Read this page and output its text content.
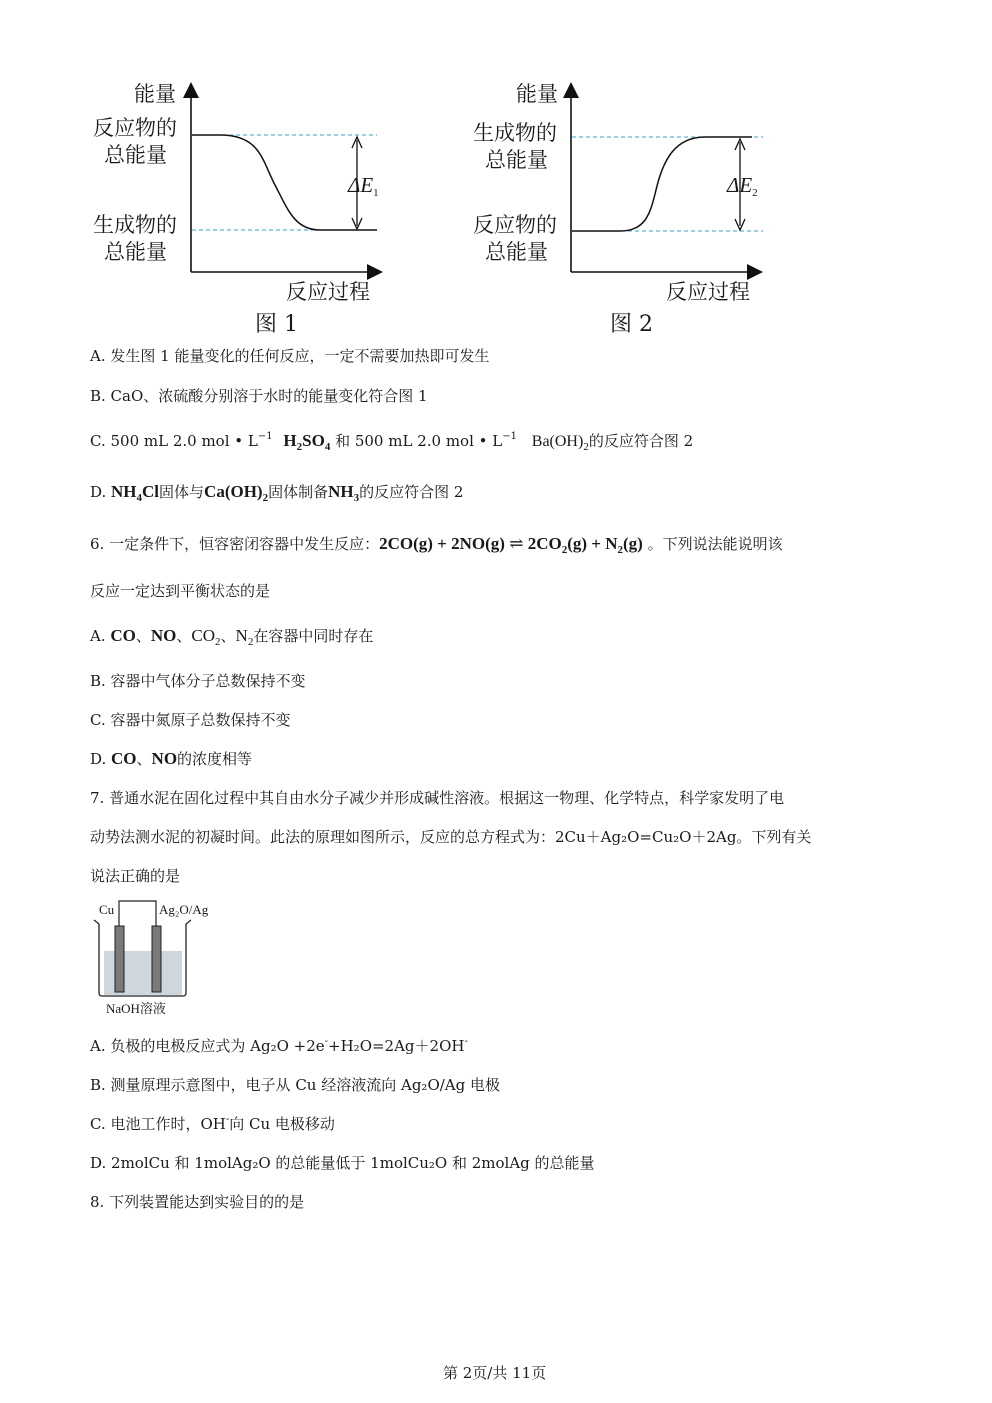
能量
反应物的
总能量
生成物的
总能量
反应过程
$\Delta E_1$
图 1
能量
生成物的
总能量
反应物的
总能量
反应过程
$\Delta E_2$
图 2
A. 发生图 1 能量变化的任何反应，一定不需要加热即可发生
B. CaO、浓硫酸分别溶于水时的能量变化符合图 1
C. 500 mL 2.0 mol • $L^{-1}$ $H_2SO_4$ 和 500 mL 2.0 mol • $L^{-1}$ $Ba(OH)_2$的反应符合图 2
D. $NH_4Cl$固体与$Ca(OH)_2$固体制备$NH_3$的反应符合图 2
6. 一定条件下，恒容密闭容器中发生反应：2CO(g) + 2NO(g) ⇌ $2CO_2(g) + N_2(g)$ 。下列说法能说明该
反应一定达到平衡状态的是
A. CO、NO、$CO_2$、$N_2$在容器中同时存在
B. 容器中气体分子总数保持不变
C. 容器中氮原子总数保持不变
D. CO、NO的浓度相等
7. 普通水泥在固化过程中其自由水分子减少并形成碱性溶液。根据这一物理、化学特点，科学家发明了电
动势法测水泥的初凝时间。此法的原理如图所示，反应的总方程式为：2Cu＋Ag₂O=Cu₂O＋2Ag。下列有关
说法正确的是
Cu	Ag₂O/Ag
NaOH溶液
A. 负极的电极反应式为 Ag₂O +2e-+H₂O=2Ag＋2OH-
B. 测量原理示意图中，电子从 Cu 经溶液流向 Ag₂O/Ag 电极
C. 电池工作时，OH-向 Cu 电极移动
D. 2molCu 和 1molAg₂O 的总能量低于 1molCu₂O 和 2molAg 的总能量
8. 下列装置能达到实验目的的是
第 2页/共 11页
